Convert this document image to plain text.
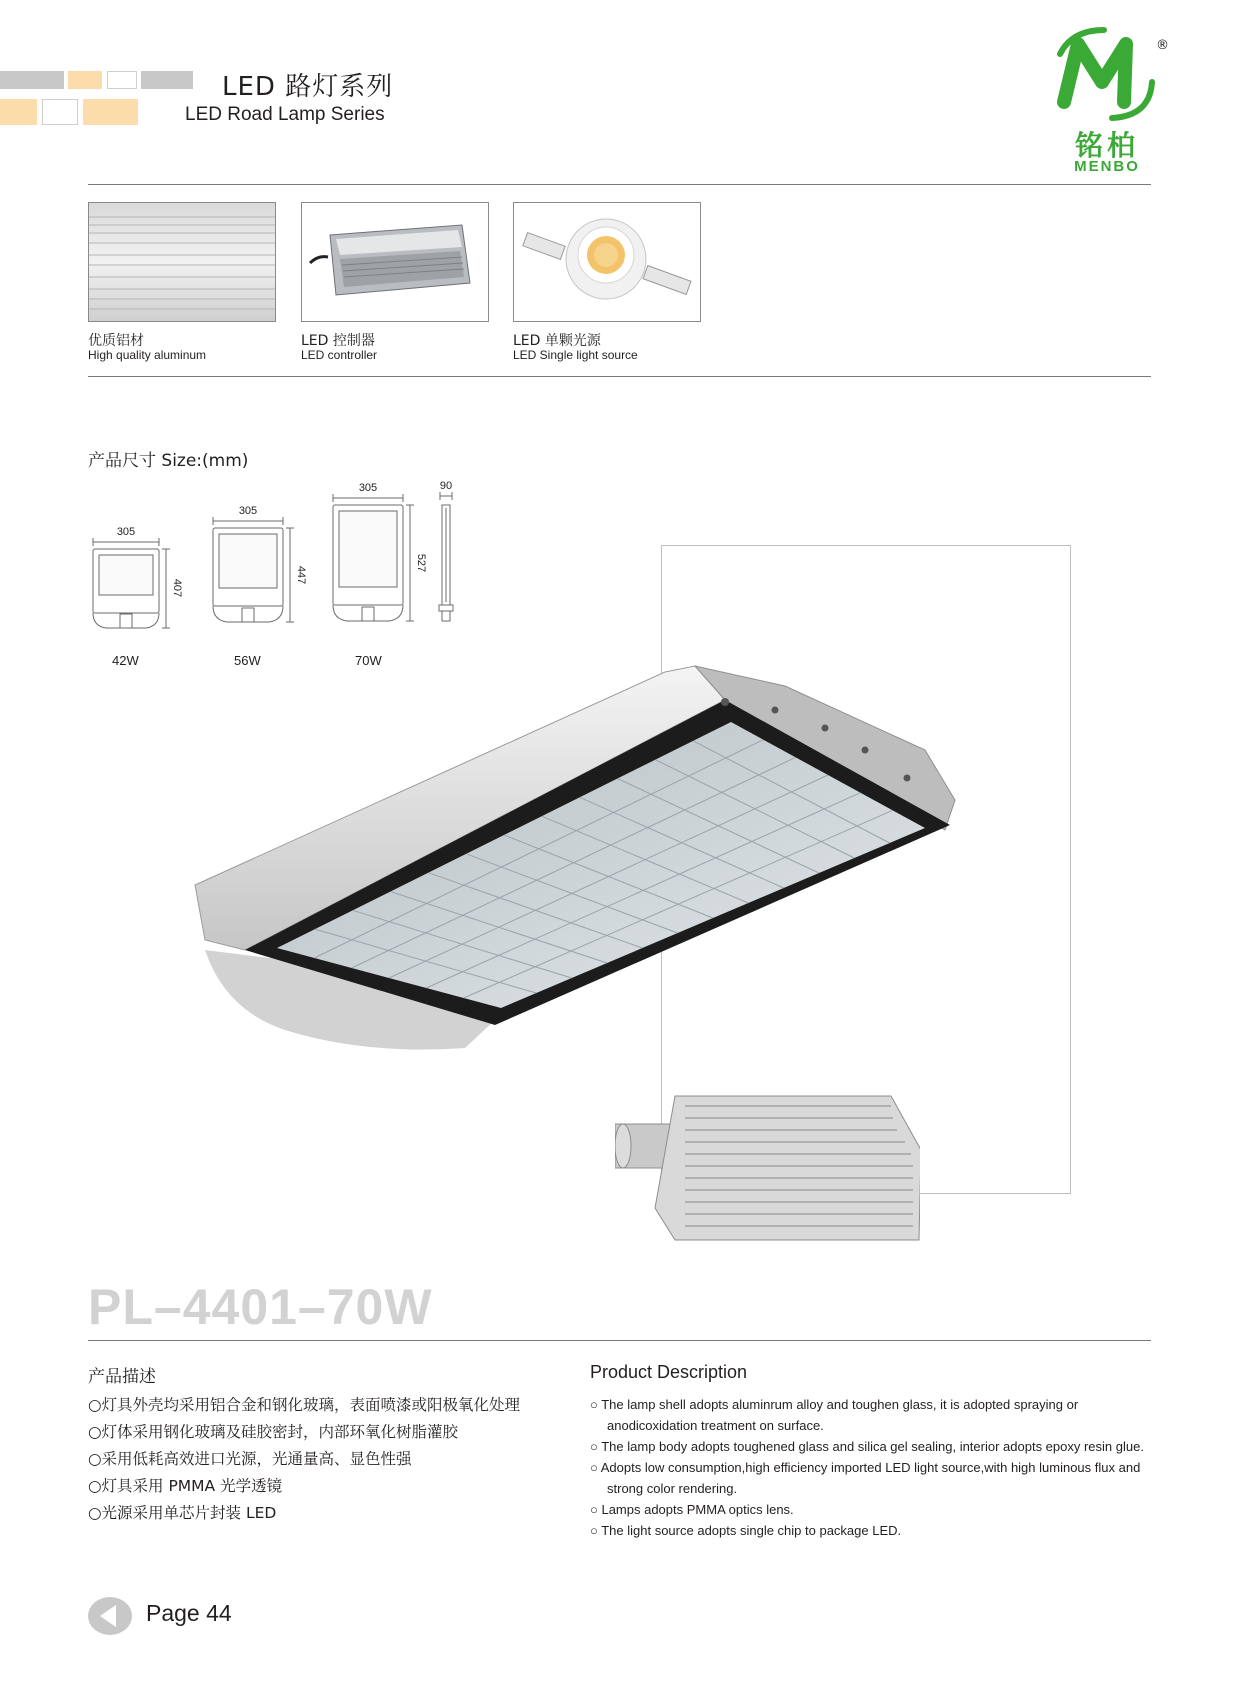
LED 路灯系列
LED Road Lamp Series
®
铭柏
MENBO
优质铝材
High quality aluminum
LED 控制器
LED controller
LED 单颗光源
LED Single light source
产品尺寸 Size:(mm)
305
407
305
447
305
527
90
42W	56W	70W
PL–4401–70W
产品描述	Product Description
○灯具外壳均采用铝合金和钢化玻璃，表面喷漆或阳极氧化处理
○灯体采用钢化玻璃及硅胶密封，内部环氧化树脂灌胶
○采用低耗高效进口光源，光通量高、显色性强
○灯具采用 PMMA 光学透镜
○光源采用单芯片封装 LED
○ The lamp shell adopts aluminrum alloy and toughen glass, it is adopted spraying or anodicoxidation treatment on surface.
○ The lamp body adopts toughened glass and silica gel sealing, interior adopts epoxy resin glue.
○ Adopts low consumption,high efficiency imported LED light source,with high luminous flux and strong color rendering.
○ Lamps adopts PMMA optics lens.
○ The light source adopts single chip to package LED.
Page 44
